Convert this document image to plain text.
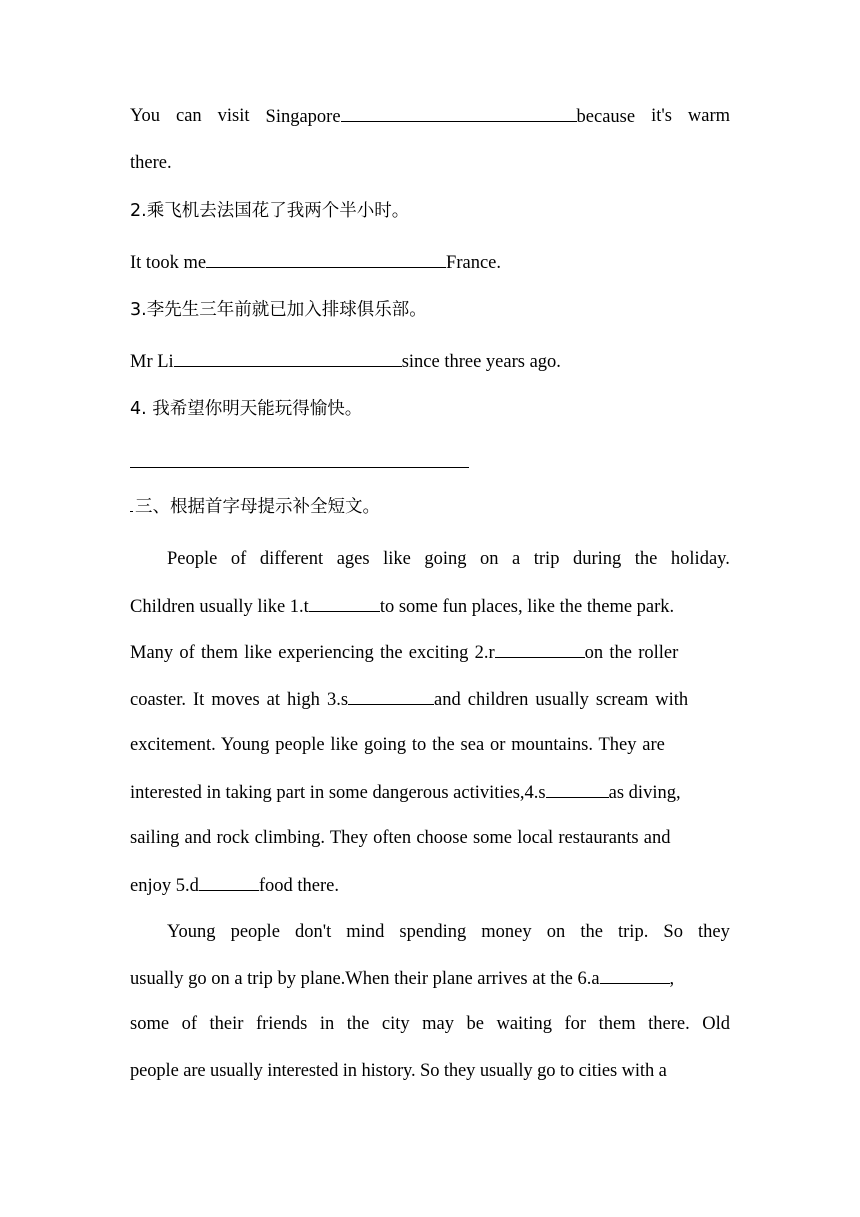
You can visit Singapore	because it's warm
there.
2.乘飞机去法国花了我两个半小时。
It took me	France.
3.李先生三年前就已加入排球俱乐部。
Mr Li	since three years ago.
4. 我希望你明天能玩得愉快。
三、根据首字母提示补全短文。
People of different ages like going on a trip during the holiday.
Children usually like 1.t	to some fun places, like the theme park.
Many of them like experiencing the exciting 2.r	on the roller
coaster. It moves at high 3.s	and children usually scream with
excitement. Young people like going to the sea or mountains. They are
interested in taking part in some dangerous activities,4.s	as diving,
sailing and rock climbing. They often choose some local restaurants and
enjoy 5.d	food there.
Young people don't mind spending money on the trip. So they
usually go on a trip by plane.When their plane arrives at the 6.a	,
some of their friends in the city may be waiting for them there. Old
people are usually interested in history. So they usually go to cities with a
